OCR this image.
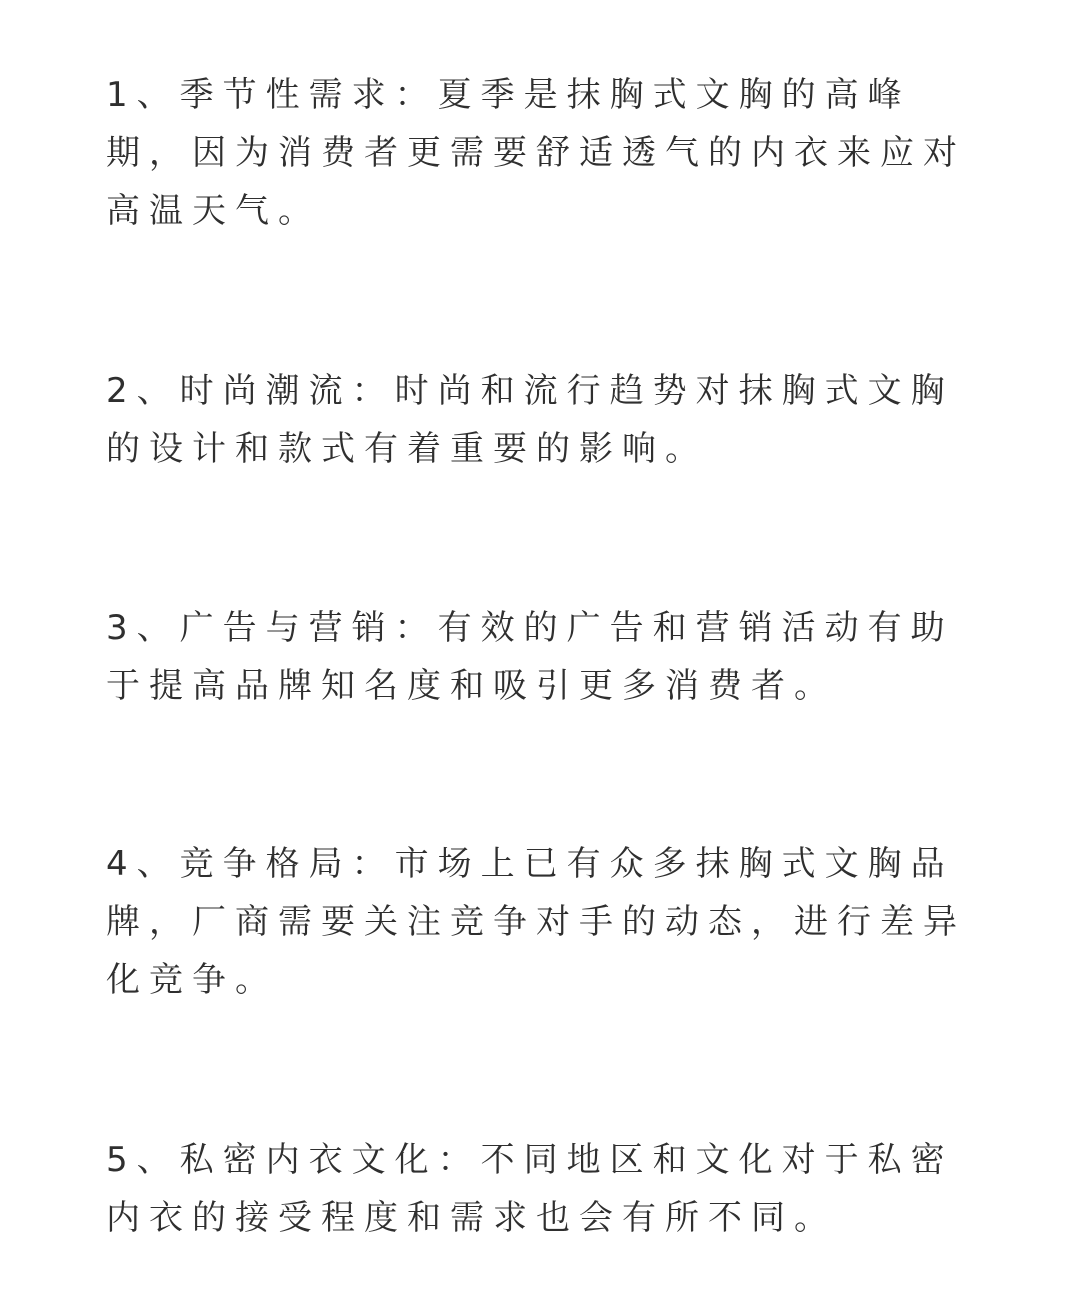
1、季节性需求：夏季是抹胸式文胸的高峰期，因为消费者更需要舒适透气的内衣来应对高温天气。

2、时尚潮流：时尚和流行趋势对抹胸式文胸的设计和款式有着重要的影响。

3、广告与营销：有效的广告和营销活动有助于提高品牌知名度和吸引更多消费者。

4、竞争格局：市场上已有众多抹胸式文胸品牌，厂商需要关注竞争对手的动态，进行差异化竞争。

5、私密内衣文化：不同地区和文化对于私密内衣的接受程度和需求也会有所不同。
